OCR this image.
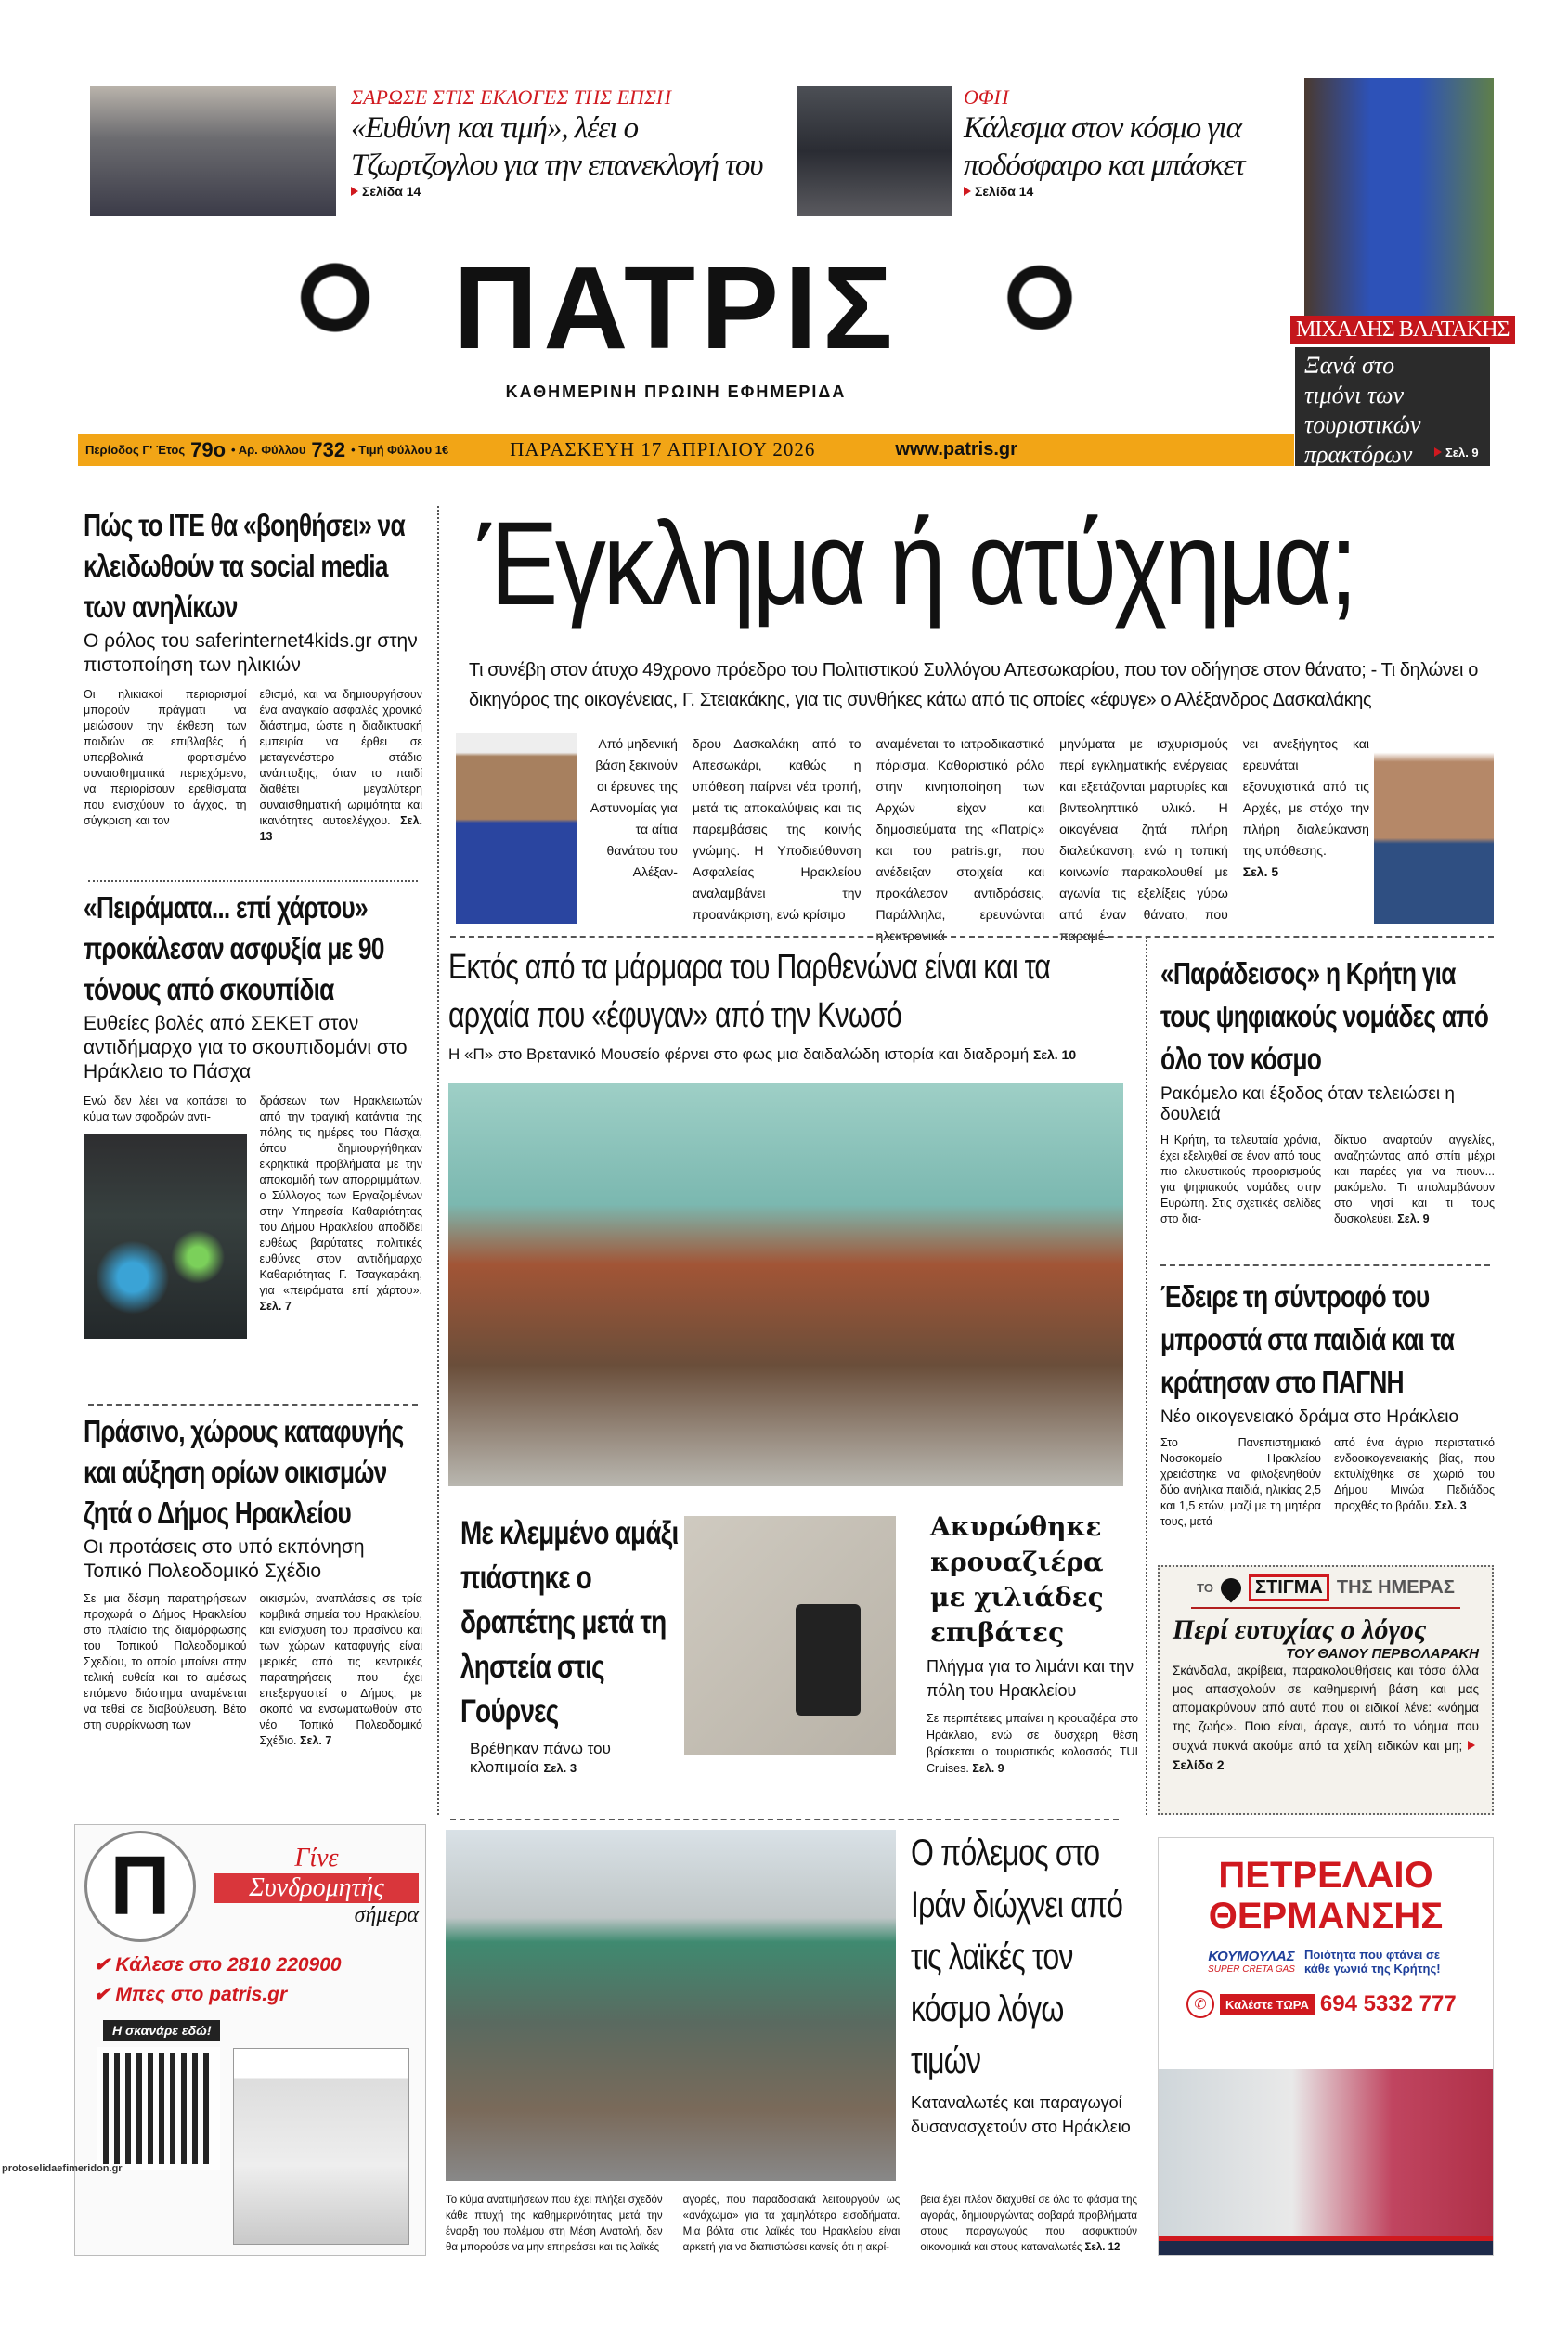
ΣΑΡΩΣΕ ΣΤΙΣ ΕΚΛΟΓΕΣ ΤΗΣ ΕΠΣΗ
«Ευθύνη και τιμή», λέει ο Τζωρτζογλου για την επανεκλογή του
Σελίδα 14
ΟΦΗ
Κάλεσμα στον κόσμο για ποδόσφαιρο και μπάσκετ
Σελίδα 14
ΜΙΧΑΛΗΣ ΒΛΑΤΑΚΗΣ
Ξανά στο τιμόνι των τουριστικών πρακτόρων	Σελ. 9
ΠΑΤΡΙΣ
ΚΑΘΗΜΕΡΙΝΗ ΠΡΩΙΝΗ ΕΦΗΜΕΡΙΔΑ
Περίοδος Γ' Έτος 79ο • Αρ. Φύλλου 732 • Τιμή Φύλλου 1€	ΠΑΡΑΣΚΕΥΗ 17 ΑΠΡΙΛΙΟΥ 2026	www.patris.gr
Πώς το ΙΤΕ θα «βοηθήσει» να κλειδωθούν τα social media των ανηλίκων
Ο ρόλος του saferinternet4kids.gr στην πιστοποίηση των ηλικιών

Οι ηλικιακοί περιορισμοί μπορούν πράγματι να μειώσουν την έκθεση των παιδιών σε επιβλαβές ή υπερβολικά φορτισμένο συναισθηματικά περιεχόμενο, να περιορίσουν ερεθίσματα που ενισχύουν το άγχος, τη σύγκριση και τον

εθισμό, και να δημιουργήσουν ένα αναγκαίο ασφαλές χρονικό διάστημα, ώστε η διαδικτυακή εμπειρία να έρθει σε μεταγενέστερο στάδιο ανάπτυξης, όταν το παιδί διαθέτει μεγαλύτερη συναισθηματική ωριμότητα και ικανότητες αυτοελέγχου. Σελ. 13

«Πειράματα... επί χάρτου» προκάλεσαν ασφυξία με 90 τόνους από σκουπίδια
Ευθείες βολές από ΣΕΚΕΤ στον αντιδήμαρχο για το σκουπιδομάνι στο Ηράκλειο το Πάσχα

Ενώ δεν λέει να κοπάσει το κύμα των σφοδρών αντι-

δράσεων των Ηρακλειωτών από την τραγική κατάντια της πόλης τις ημέρες του Πάσχα, όπου δημιουργήθηκαν εκρηκτικά προβλήματα με την αποκομιδή των απορριμμάτων, ο Σύλλογος των Εργαζομένων στην Υπηρεσία Καθαριότητας του Δήμου Ηρακλείου αποδίδει ευθέως βαρύτατες πολιτικές ευθύνες στον αντιδήμαρχο Καθαριότητας Γ. Τσαγκαράκη, για «πειράματα επί χάρτου». Σελ. 7

Πράσινο, χώρους καταφυγής και αύξηση ορίων οικισμών ζητά ο Δήμος Ηρακλείου
Οι προτάσεις στο υπό εκπόνηση Τοπικό Πολεοδομικό Σχέδιο

Σε μια δέσμη παρατηρήσεων προχωρά ο Δήμος Ηρακλείου στο πλαίσιο της διαμόρφωσης του Τοπικού Πολεοδομικού Σχεδίου, το οποίο μπαίνει στην τελική ευθεία και το αμέσως επόμενο διάστημα αναμένεται να τεθεί σε διαβούλευση. Βέτο στη συρρίκνωση των

οικισμών, αναπλάσεις σε τρία κομβικά σημεία του Ηρακλείου, και ενίσχυση του πρασίνου και των χώρων καταφυγής είναι μερικές από τις κεντρικές παρατηρήσεις που έχει επεξεργαστεί ο Δήμος, με σκοπό να ενσωματωθούν στο νέο Τοπικό Πολεοδομικό Σχέδιο. Σελ. 7

Έγκλημα ή ατύχημα;
Τι συνέβη στον άτυχο 49χρονο πρόεδρο του Πολιτιστικού Συλλόγου Απεσωκαρίου, που τον οδήγησε στον θάνατο; - Τι δηλώνει ο δικηγόρος της οικογένειας, Γ. Στειακάκης, για τις συνθήκες κάτω από τις οποίες «έφυγε» ο Αλέξανδρος Δασκαλάκης

Από μηδενική βάση ξεκινούν οι έρευνες της Αστυνομίας για τα αίτια θανάτου του Αλέξαν-

δρου Δασκαλάκη από το Απεσωκάρι, καθώς η υπόθεση παίρνει νέα τροπή, μετά τις αποκαλύψεις και τις παρεμβάσεις της κοινής γνώμης. Η Υποδιεύθυνση Ασφαλείας Ηρακλείου αναλαμβάνει την προανάκριση, ενώ κρίσιμο

αναμένεται το ιατροδικαστικό πόρισμα. Καθοριστικό ρόλο στην κινητοποίηση των Αρχών είχαν και δημοσιεύματα της «Πατρίς» και του patris.gr, που ανέδειξαν στοιχεία και προκάλεσαν αντιδράσεις. Παράλληλα, ερευνώνται ηλεκτρονικά

μηνύματα με ισχυρισμούς περί εγκληματικής ενέργειας και εξετάζονται μαρτυρίες και βιντεοληπτικό υλικό. Η οικογένεια ζητά πλήρη διαλεύκανση, ενώ η τοπική κοινωνία παρακολουθεί με αγωνία τις εξελίξεις γύρω από έναν θάνατο, που παραμέ-

νει ανεξήγητος και ερευνάται εξονυχιστικά από τις Αρχές, με στόχο την πλήρη διαλεύκανση της υπόθεσης.
Σελ. 5

Εκτός από τα μάρμαρα του Παρθενώνα είναι και τα αρχαία που «έφυγαν» από την Κνωσό
Η «Π» στο Βρετανικό Μουσείο φέρνει στο φως μια δαιδαλώδη ιστορία και διαδρομή Σελ. 10
«Παράδεισος» η Κρήτη για τους ψηφιακούς νομάδες από όλο τον κόσμο
Ρακόμελο και έξοδος όταν τελειώσει η δουλειά

Η Κρήτη, τα τελευταία χρόνια, έχει εξελιχθεί σε έναν από τους πιο ελκυστικούς προορισμούς για ψηφιακούς νομάδες στην Ευρώπη. Στις σχετικές σελίδες στο δια-

δίκτυο αναρτούν αγγελίες, αναζητώντας από σπίτι μέχρι και παρέες για να πιουν... ρακόμελο. Τι απολαμβάνουν στο νησί και τι τους δυσκολεύει. Σελ. 9

Έδειρε τη σύντροφό του μπροστά στα παιδιά και τα κράτησαν στο ΠΑΓΝΗ
Νέο οικογενειακό δράμα στο Ηράκλειο

Στο Πανεπιστημιακό Νοσοκομείο Ηρακλείου χρειάστηκε να φιλοξενηθούν δύο ανήλικα παιδιά, ηλικίας 2,5 και 1,5 ετών, μαζί με τη μητέρα τους, μετά

από ένα άγριο περιστατικό ενδοοικογενειακής βίας, που εκτυλίχθηκε σε χωριό του Δήμου Μινώα Πεδιάδος προχθές το βράδυ. Σελ. 3

Με κλεμμένο αμάξι πιάστηκε ο δραπέτης μετά τη ληστεία στις Γούρνες
Βρέθηκαν πάνω του κλοπιμαία Σελ. 3
Ακυρώθηκε κρουαζιέρα με χιλιάδες επιβάτες
Πλήγμα για το λιμάνι και την πόλη του Ηρακλείου
Σε περιπέτειες μπαίνει η κρουαζιέρα στο Ηράκλειο, ενώ σε δυσχερή θέση βρίσκεται ο τουριστικός κολοσσός TUI Cruises. Σελ. 9
ΤΟ	ΣΤΙΓΜΑ ΤΗΣ ΗΜΕΡΑΣ
Περί ευτυχίας ο λόγος
ΤΟΥ ΘΑΝΟΥ ΠΕΡΒΟΛΑΡΑΚΗ
Σκάνδαλα, ακρίβεια, παρακολουθήσεις και τόσα άλλα μας απασχολούν σε καθημερινή βάση και μας απομακρύνουν από αυτό που οι ειδικοί λένε: «νόημα της ζωής». Ποιο είναι, άραγε, αυτό το νόημα που συχνά πυκνά ακούμε από τα χείλη ειδικών και μη; Σελίδα 2
Π	Γίνε
Συνδρομητής
σήμερα
✔ Κάλεσε στο 2810 220900
✔ Μπες στο patris.gr
Η σκανάρε εδώ!
protoselidaefimeridon.gr
Ο πόλεμος στο Ιράν διώχνει από τις λαϊκές τον κόσμο λόγω τιμών
Καταναλωτές και παραγωγοί δυσανασχετούν στο Ηράκλειο

Το κύμα ανατιμήσεων που έχει πλήξει σχεδόν κάθε πτυχή της καθημερινότητας μετά την έναρξη του πολέμου στη Μέση Ανατολή, δεν θα μπορούσε να μην επηρεάσει και τις λαϊκές

αγορές, που παραδοσιακά λειτουργούν ως «ανάχωμα» για τα χαμηλότερα εισοδήματα. Μια βόλτα στις λαϊκές του Ηρακλείου είναι αρκετή για να διαπιστώσει κανείς ότι η ακρί-

βεια έχει πλέον διαχυθεί σε όλο το φάσμα της αγοράς, δημιουργώντας σοβαρά προβλήματα στους παραγωγούς που ασφυκτιούν οικονομικά και στους καταναλωτές Σελ. 12

ΠΕΤΡΕΛΑΙΟ
ΘΕΡΜΑΝΣΗΣ
ΚΟΥΜΟΥΛΑΣ
SUPER CRETA GAS
Ποιότητα που φτάνει σε κάθε γωνιά της Κρήτης!
✆	Καλέστε ΤΩΡΑ 694 5332 777
